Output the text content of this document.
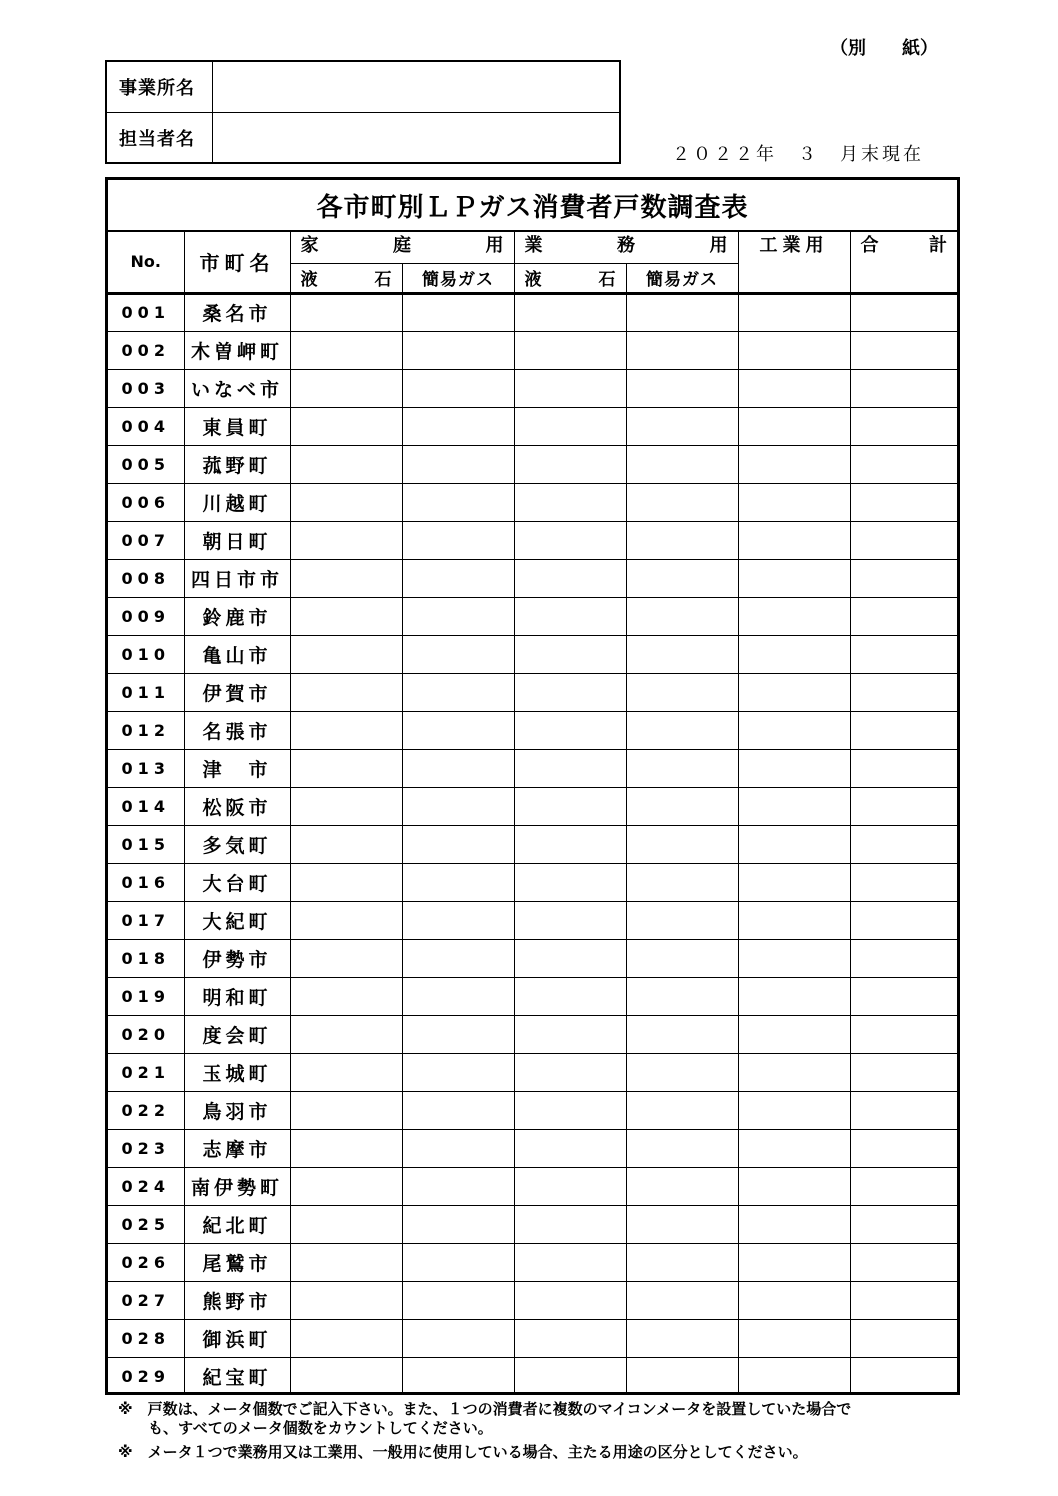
（別　　紙）
事業所名
担当者名
２０２２年　３　月末現在
各市町別ＬＰガス消費者戸数調査表
No.	市町名	家 庭 用		業 務 用		工業用	合 計

		液 石	簡易ガス	液 石	簡易ガス		
001	桑名市						
002	木曽岬町						
003	いなべ市						
004	東員町						
005	菰野町						
006	川越町						
007	朝日町						
008	四日市市						
009	鈴鹿市						
010	亀山市						
011	伊賀市						
012	名張市						
013	津　市						
014	松阪市						
015	多気町						
016	大台町						
017	大紀町						
018	伊勢市						
019	明和町						
020	度会町						
021	玉城町						
022	鳥羽市						
023	志摩市						
024	南伊勢町						
025	紀北町						
026	尾鷲市						
027	熊野市						
028	御浜町						
029	紀宝町						
※　戸数は、メータ個数でご記入下さい。また、１つの消費者に複数のマイコンメータを設置していた場合で
　　も、すべてのメータ個数をカウントしてください。
※　メータ１つで業務用又は工業用、一般用に使用している場合、主たる用途の区分としてください。
